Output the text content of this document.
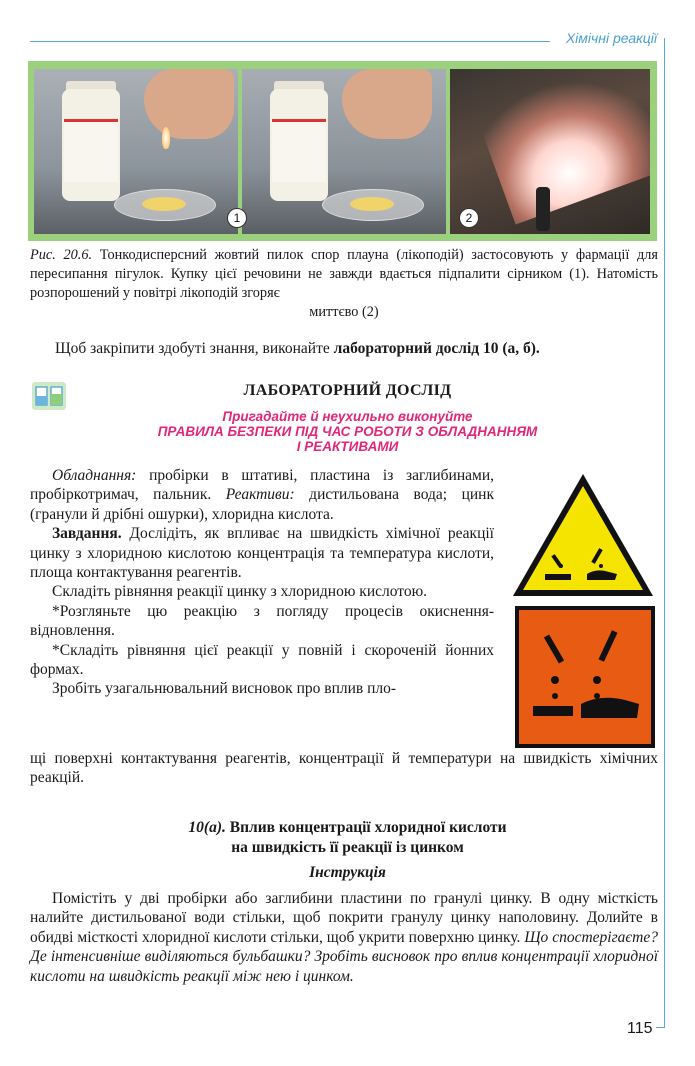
Хімічні реакції
1	2
Рис. 20.6. Тонкодисперсний жовтий пилок спор плауна (лікоподій) застосовують у фармації для пересипання пігулок. Купку цієї речовини не завжди вдається підпалити сірником (1). Натомість розпорошений у повітрі лікоподій згоряє
миттєво (2)
Щоб закріпити здобуті знання, виконайте лабораторний дослід 10 (а, б).
ЛАБОРАТОРНИЙ ДОСЛІД
Пригадайте й неухильно виконуйте
ПРАВИЛА БЕЗПЕКИ ПІД ЧАС РОБОТИ З ОБЛАДНАННЯМ
І РЕАКТИВАМИ

Обладнання: пробірки в штативі, пластина із заглибинами, пробіркотримач, пальник. Реактиви: дистильована вода; цинк (гранули й дрібні ошурки), хлоридна кислота.

Завдання. Дослідіть, як впливає на швидкість хімічної реакції цинку з хлоридною кислотою концентрація та температура кислоти, площа контактування реагентів.

Складіть рівняння реакції цинку з хлоридною кислотою.

*Розгляньте цю реакцію з погляду процесів окиснення-відновлення.

*Складіть рівняння цієї реакції у повній і скороченій йонних формах.

Зробіть узагальнювальний висновок про вплив пло-

щі поверхні контактування реагентів, концентрації й температури на швидкість хімічних реакцій.

10(а). Вплив концентрації хлоридної кислоти
на швидкість її реакції із цинком
Інструкція

Помістіть у дві пробірки або заглибини пластини по гранулі цинку. В одну місткість налийте дистильованої води стільки, щоб покрити гранулу цинку наполовину. Долийте в обидві місткості хлоридної кислоти стільки, щоб укрити поверхню цинку. Що спостерігаєте? Де інтенсивніше виділяються бульбашки? Зробіть висновок про вплив концентрації хлоридної кислоти на швидкість реакції між нею і цинком.

115
